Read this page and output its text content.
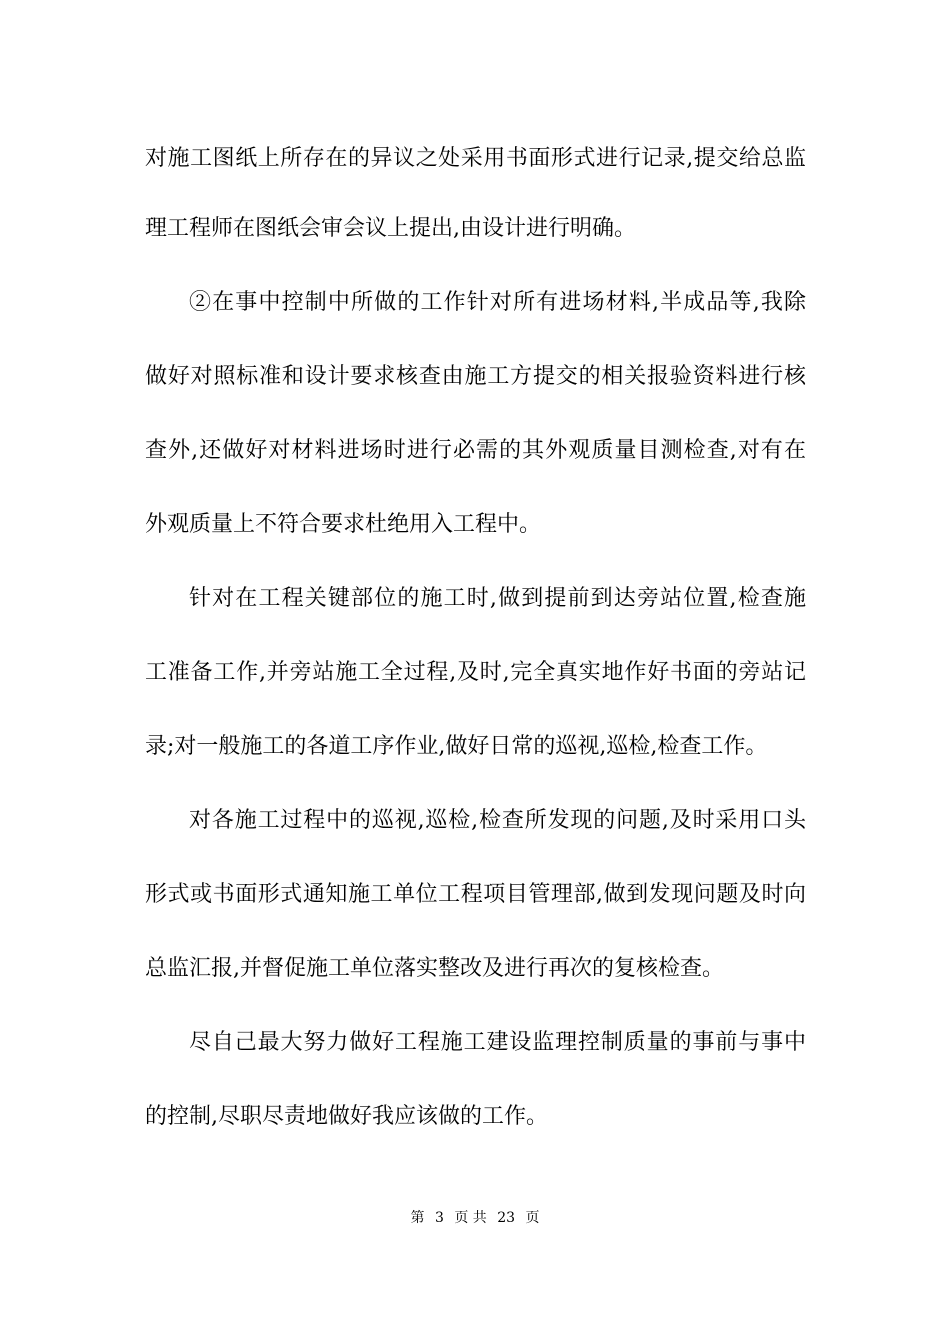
对施工图纸上所存在的异议之处采用书面形式进行记录,提交给总监
理工程师在图纸会审会议上提出,由设计进行明确。
②在事中控制中所做的工作针对所有进场材料,半成品等,我除
做好对照标准和设计要求核查由施工方提交的相关报验资料进行核
查外,还做好对材料进场时进行必需的其外观质量目测检查,对有在
外观质量上不符合要求杜绝用入工程中。
针对在工程关键部位的施工时,做到提前到达旁站位置,检查施
工准备工作,并旁站施工全过程,及时,完全真实地作好书面的旁站记
录;对一般施工的各道工序作业,做好日常的巡视,巡检,检查工作。
对各施工过程中的巡视,巡检,检查所发现的问题,及时采用口头
形式或书面形式通知施工单位工程项目管理部,做到发现问题及时向
总监汇报,并督促施工单位落实整改及进行再次的复核检查。
尽自己最大努力做好工程施工建设监理控制质量的事前与事中
的控制,尽职尽责地做好我应该做的工作。
第 3 页 共 23 页
